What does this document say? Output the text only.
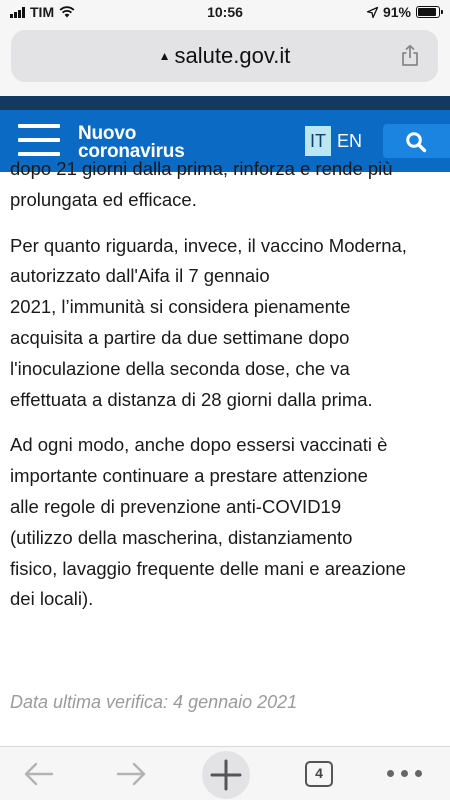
TIM	10:56	91%
▲ salute.gov.it
Nuovo
coronavirus	IT EN
dopo 21 giorni dalla prima, rinforza e rende più
prolungata ed efficace.
Per quanto riguarda, invece, il vaccino Moderna,
autorizzato dall'Aifa il 7 gennaio
2021, l’immunità si considera pienamente
acquisita a partire da due settimane dopo
l'inoculazione della seconda dose, che va
effettuata a distanza di 28 giorni dalla prima.
Ad ogni modo, anche dopo essersi vaccinati è
importante continuare a prestare attenzione
alle regole di prevenzione anti-COVID19
(utilizzo della mascherina, distanziamento
fisico, lavaggio frequente delle mani e areazione
dei locali).
Data ultima verifica: 4 gennaio 2021
4
